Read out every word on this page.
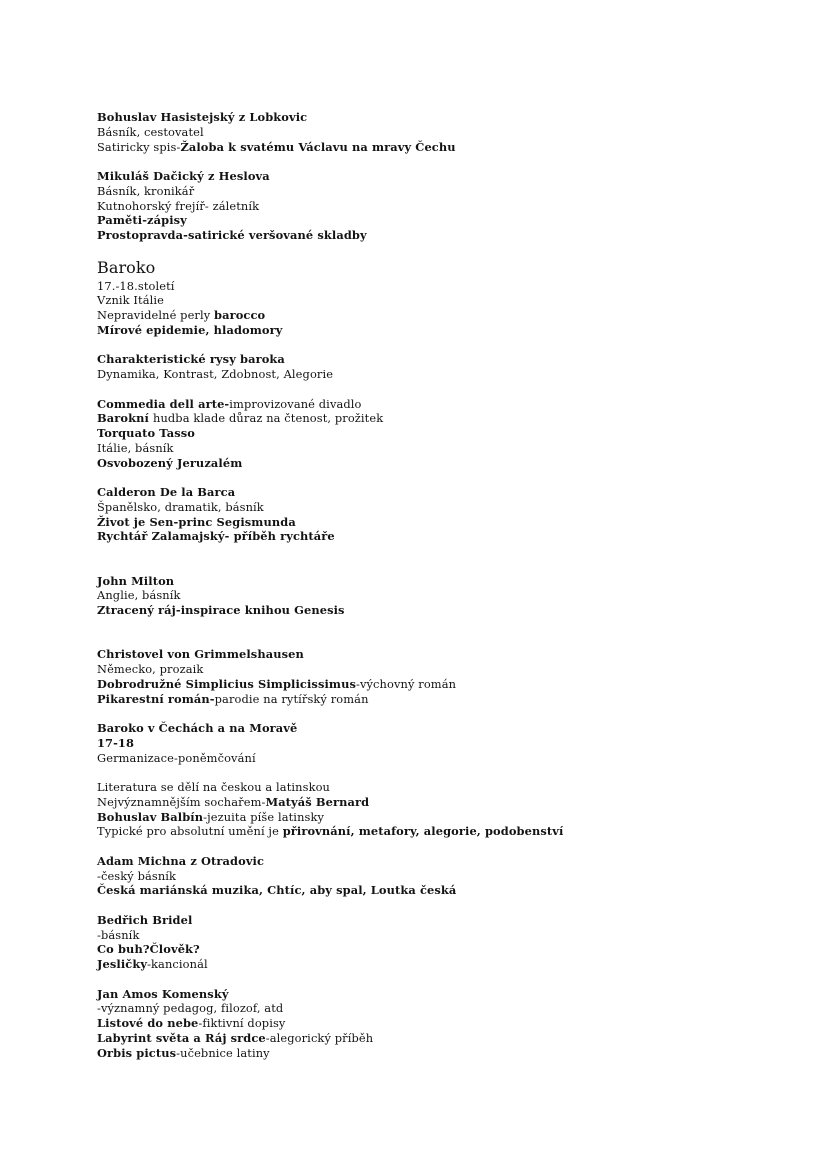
Bohuslav Hasistejský z Lobkovic
Básník, cestovatel
Satiricky spis-Žaloba k svatému Václavu na mravy Čechu
Mikuláš Dačický z Heslova
Básník, kronikář
Kutnohorský frejíř- záletník
Paměti-zápisy
Prostopravda-satirické veršované skladby
Baroko
17.-18.století
Vznik Itálie
Nepravidelné perly barocco
Mírové epidemie, hladomory
Charakteristické rysy baroka
Dynamika, Kontrast, Zdobnost, Alegorie
Commedia dell arte-improvizované divadlo
Barokní hudba klade důraz na čtenost, prožitek
Torquato Tasso
Itálie, básník
Osvobozený Jeruzalém
Calderon De la Barca
Španělsko, dramatik, básník
Život je Sen-princ Segismunda
Rychtář Zalamajský- příběh rychtáře
John Milton
Anglie, básník
Ztracený ráj-inspirace knihou Genesis
Christovel von Grimmelshausen
Německo, prozaik
Dobrodružné Simplicius Simplicissimus-výchovný román
Pikarestní román-parodie na rytířský román
Baroko v Čechách a na Moravě
17-18
Germanizace-poněmčování
Literatura se dělí na českou a latinskou
Nejvýznamnějším sochařem-Matyáš Bernard
Bohuslav Balbín-jezuita píše latinsky
Typické pro absolutní umění je přirovnání, metafory, alegorie, podobenství
Adam Michna z Otradovic
-český básník
Česká mariánská muzika, Chtíc, aby spal, Loutka česká
Bedřich Bridel
-básník
Co buh?Člověk?
Jesličky-kancionál
Jan Amos Komenský
-významný pedagog, filozof, atd
Listové do nebe-fiktivní dopisy
Labyrint světa a Ráj srdce-alegorický příběh
Orbis pictus-učebnice latiny
